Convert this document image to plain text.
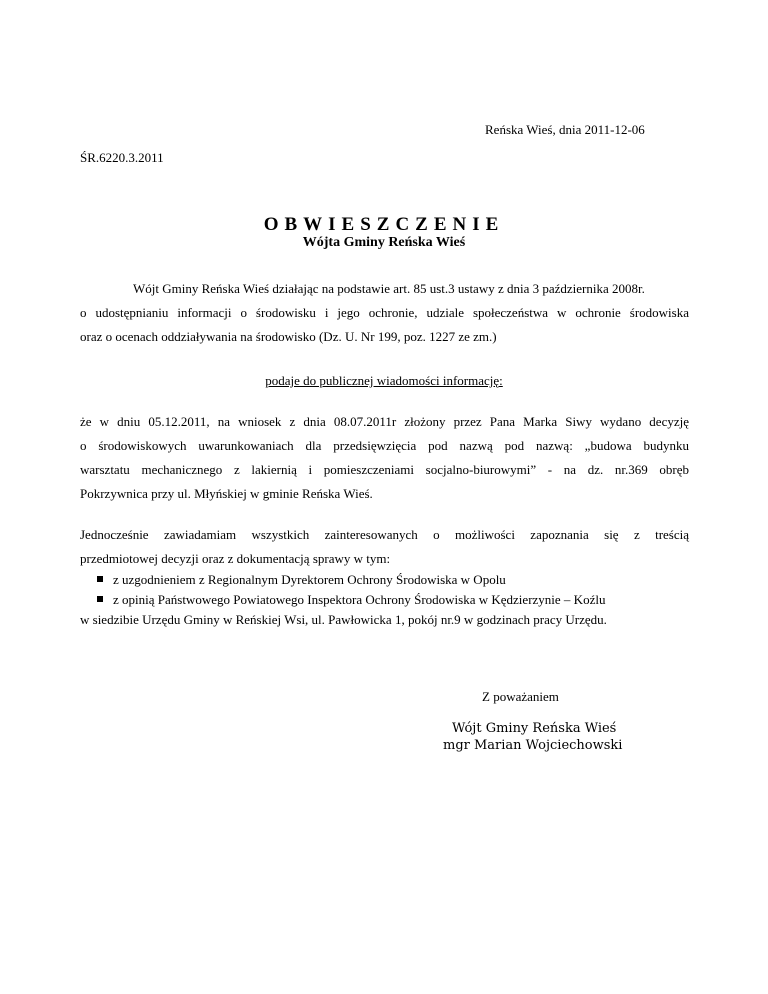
Reńska Wieś, dnia 2011-12-06
ŚR.6220.3.2011
OBWIESZCZENIE
Wójta Gminy Reńska Wieś
Wójt Gminy Reńska Wieś działając na podstawie art. 85 ust.3 ustawy z dnia 3 października 2008r.
o udostępnianiu informacji o środowisku i jego ochronie, udziale społeczeństwa w ochronie środowiska
oraz o ocenach oddziaływania na środowisko (Dz. U. Nr 199, poz. 1227 ze zm.)
podaje do publicznej wiadomości informację:
że w dniu 05.12.2011, na wniosek z dnia 08.07.2011r złożony przez Pana Marka Siwy wydano decyzję
o środowiskowych uwarunkowaniach dla przedsięwzięcia pod nazwą pod nazwą: „budowa budynku
warsztatu mechanicznego z lakiernią i pomieszczeniami socjalno-biurowymi” - na dz. nr.369 obręb
Pokrzywnica przy ul. Młyńskiej w gminie Reńska Wieś.
Jednocześnie zawiadamiam wszystkich zainteresowanych o możliwości zapoznania się z treścią
przedmiotowej decyzji oraz z dokumentacją sprawy w tym:
z uzgodnieniem z Regionalnym Dyrektorem Ochrony Środowiska w Opolu
z opinią Państwowego Powiatowego Inspektora Ochrony Środowiska w Kędzierzynie – Koźlu
w siedzibie Urzędu Gminy w Reńskiej Wsi, ul. Pawłowicka 1, pokój nr.9 w godzinach pracy Urzędu.
Z poważaniem
Wójt Gminy Reńska Wieś
mgr Marian Wojciechowski
